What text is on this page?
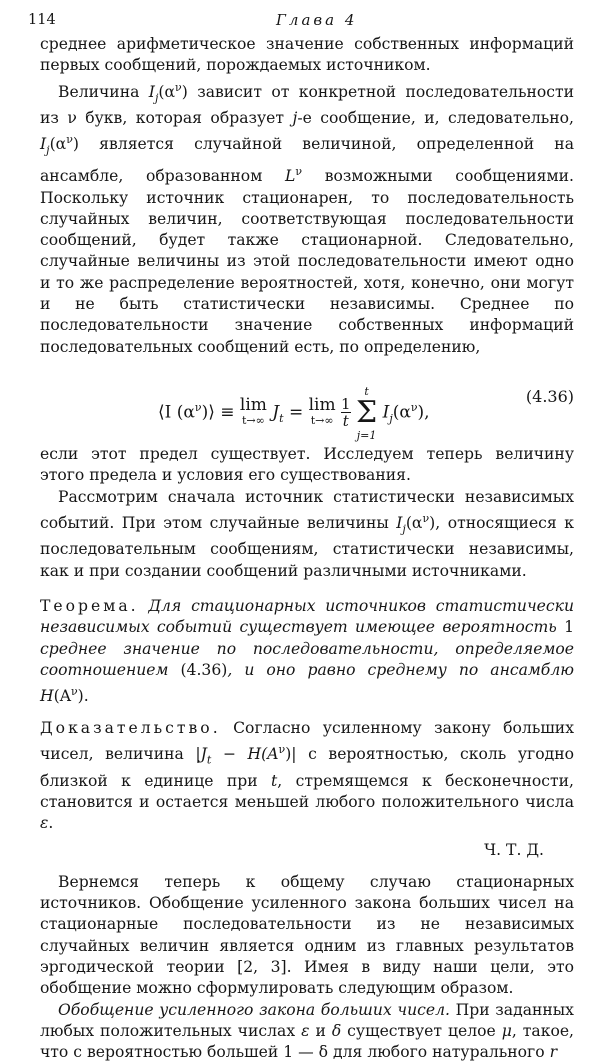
114	Глава 4

среднее арифметическое значение собственных информаций первых сообщений, порождаемых источником.

Величина $I_j(\alpha^\nu)$ зависит от конкретной последовательности из ν букв, которая образует j-е сообщение, и, следовательно, $I_j(\alpha^\nu)$ является случайной величиной, определенной на ансамбле, образованном $L^\nu$ возможными сообщениями. Поскольку источник стационарен, то последовательность случайных величин, соответствующая последовательности сообщений, будет также стационарной. Следовательно, случайные величины из этой последовательности имеют одно и то же распределение вероятностей, хотя, конечно, они могут и не быть статистически независимы. Среднее по последовательности значение собственных информаций последовательных сообщений есть, по определению,

⟨I $(\alpha^\nu)⟩ \equiv \lim$
t→∞ $J_t = \lim$
$t\to\infty \frac{1}{t}$
t
Σ
j=1 $I_j(\alpha^\nu)$,
(4.36)

если этот предел существует. Исследуем теперь величину этого предела и условия его существования.

Рассмотрим сначала источник статистически независимых событий. При этом случайные величины $I_j(\alpha^\nu)$, относящиеся к последовательным сообщениям, статистически независимы, как и при создании сообщений различными источниками.

Теорема. Для стационарных источников статистически независимых событий существует имеющее вероятность 1 среднее значение по последовательности, определяемое соотношением (4.36), и оно равно среднему по ансамблю $H(A^\nu)$.

Доказательство. Согласно усиленному закону больших чисел, величина $|J_t - H(A^\nu)|$ с вероятностью, сколь угодно близкой к единице при t, стремящемся к бесконечности, становится и остается меньшей любого положительного числа ε.

Ч. Т. Д.

Вернемся теперь к общему случаю стационарных источников. Обобщение усиленного закона больших чисел на стационарные последовательности из не независимых случайных величин является одним из главных результатов эргодической теории [2, 3]. Имея в виду наши цели, это обобщение можно сформулировать следующим образом.

Обобщение усиленного закона больших чисел. При заданных любых положительных числах ε и δ существует целое μ, такое, что с вероятностью большей 1 — δ для любого натурального r
